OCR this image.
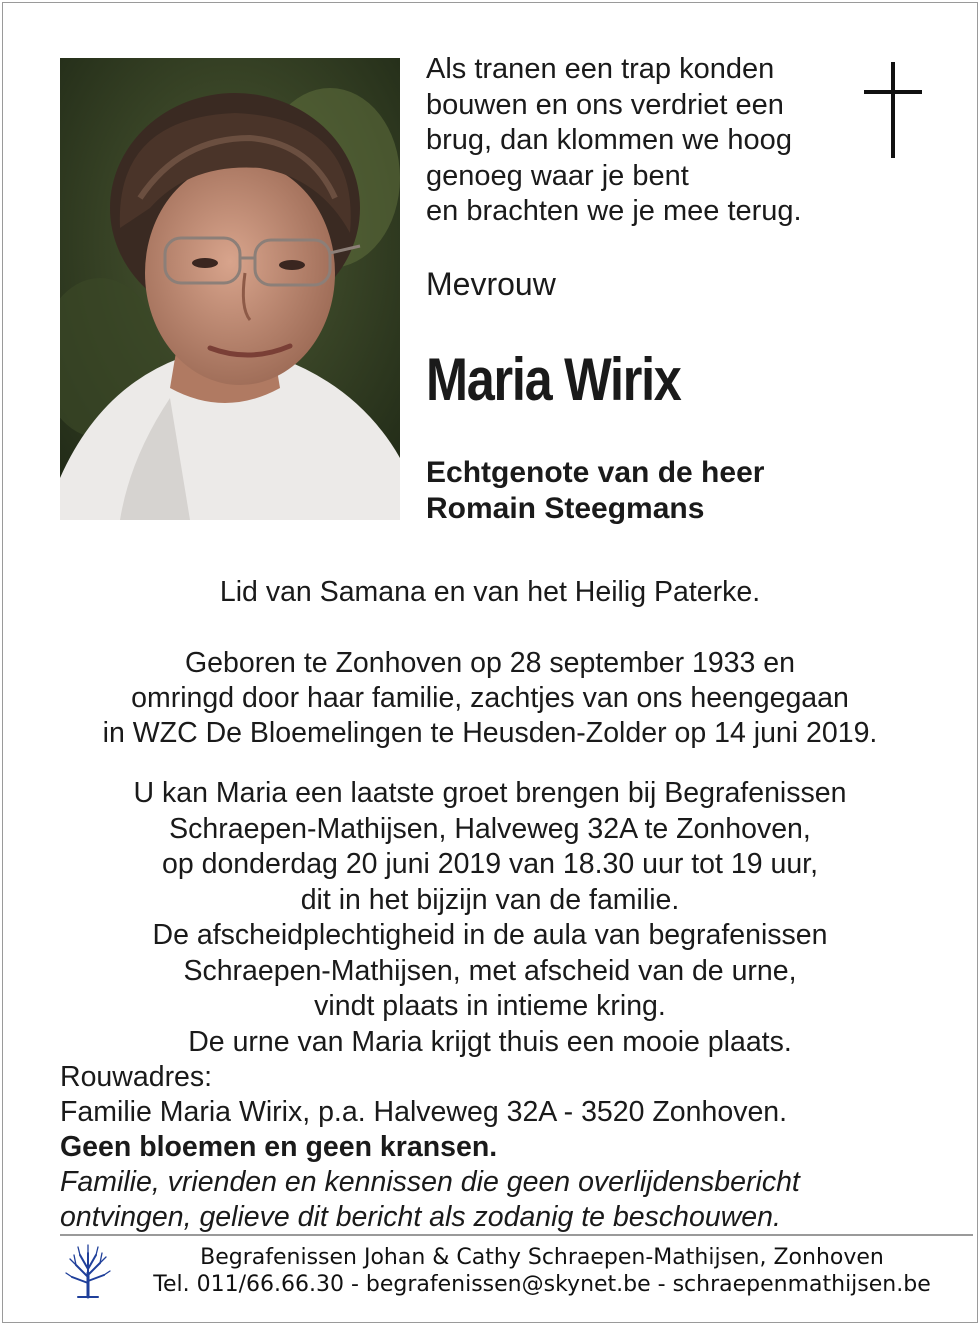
Als tranen een trap konden
bouwen en ons verdriet een
brug, dan klommen we hoog
genoeg waar je bent
en brachten we je mee terug.
Mevrouw
Maria Wirix
Echtgenote van de heer
Romain Steegmans
Lid van Samana en van het Heilig Paterke.
Geboren te Zonhoven op 28 september 1933 en
omringd door haar familie, zachtjes van ons heengegaan
in WZC De Bloemelingen te Heusden-Zolder op 14 juni 2019.
U kan Maria een laatste groet brengen bij Begrafenissen
Schraepen-Mathijsen, Halveweg 32A te Zonhoven,
op donderdag 20 juni 2019 van 18.30 uur tot 19 uur,
dit in het bijzijn van de familie.
De afscheidplechtigheid in de aula van begrafenissen
Schraepen-Mathijsen, met afscheid van de urne,
vindt plaats in intieme kring.
De urne van Maria krijgt thuis een mooie plaats.
Rouwadres:
Familie Maria Wirix, p.a. Halveweg 32A - 3520 Zonhoven.
Geen bloemen en geen kransen.
Familie, vrienden en kennissen die geen overlijdensbericht
ontvingen, gelieve dit bericht als zodanig te beschouwen.
Begrafenissen Johan & Cathy Schraepen-Mathijsen, Zonhoven
Tel. 011/66.66.30 - begrafenissen@skynet.be - schraepenmathijsen.be
